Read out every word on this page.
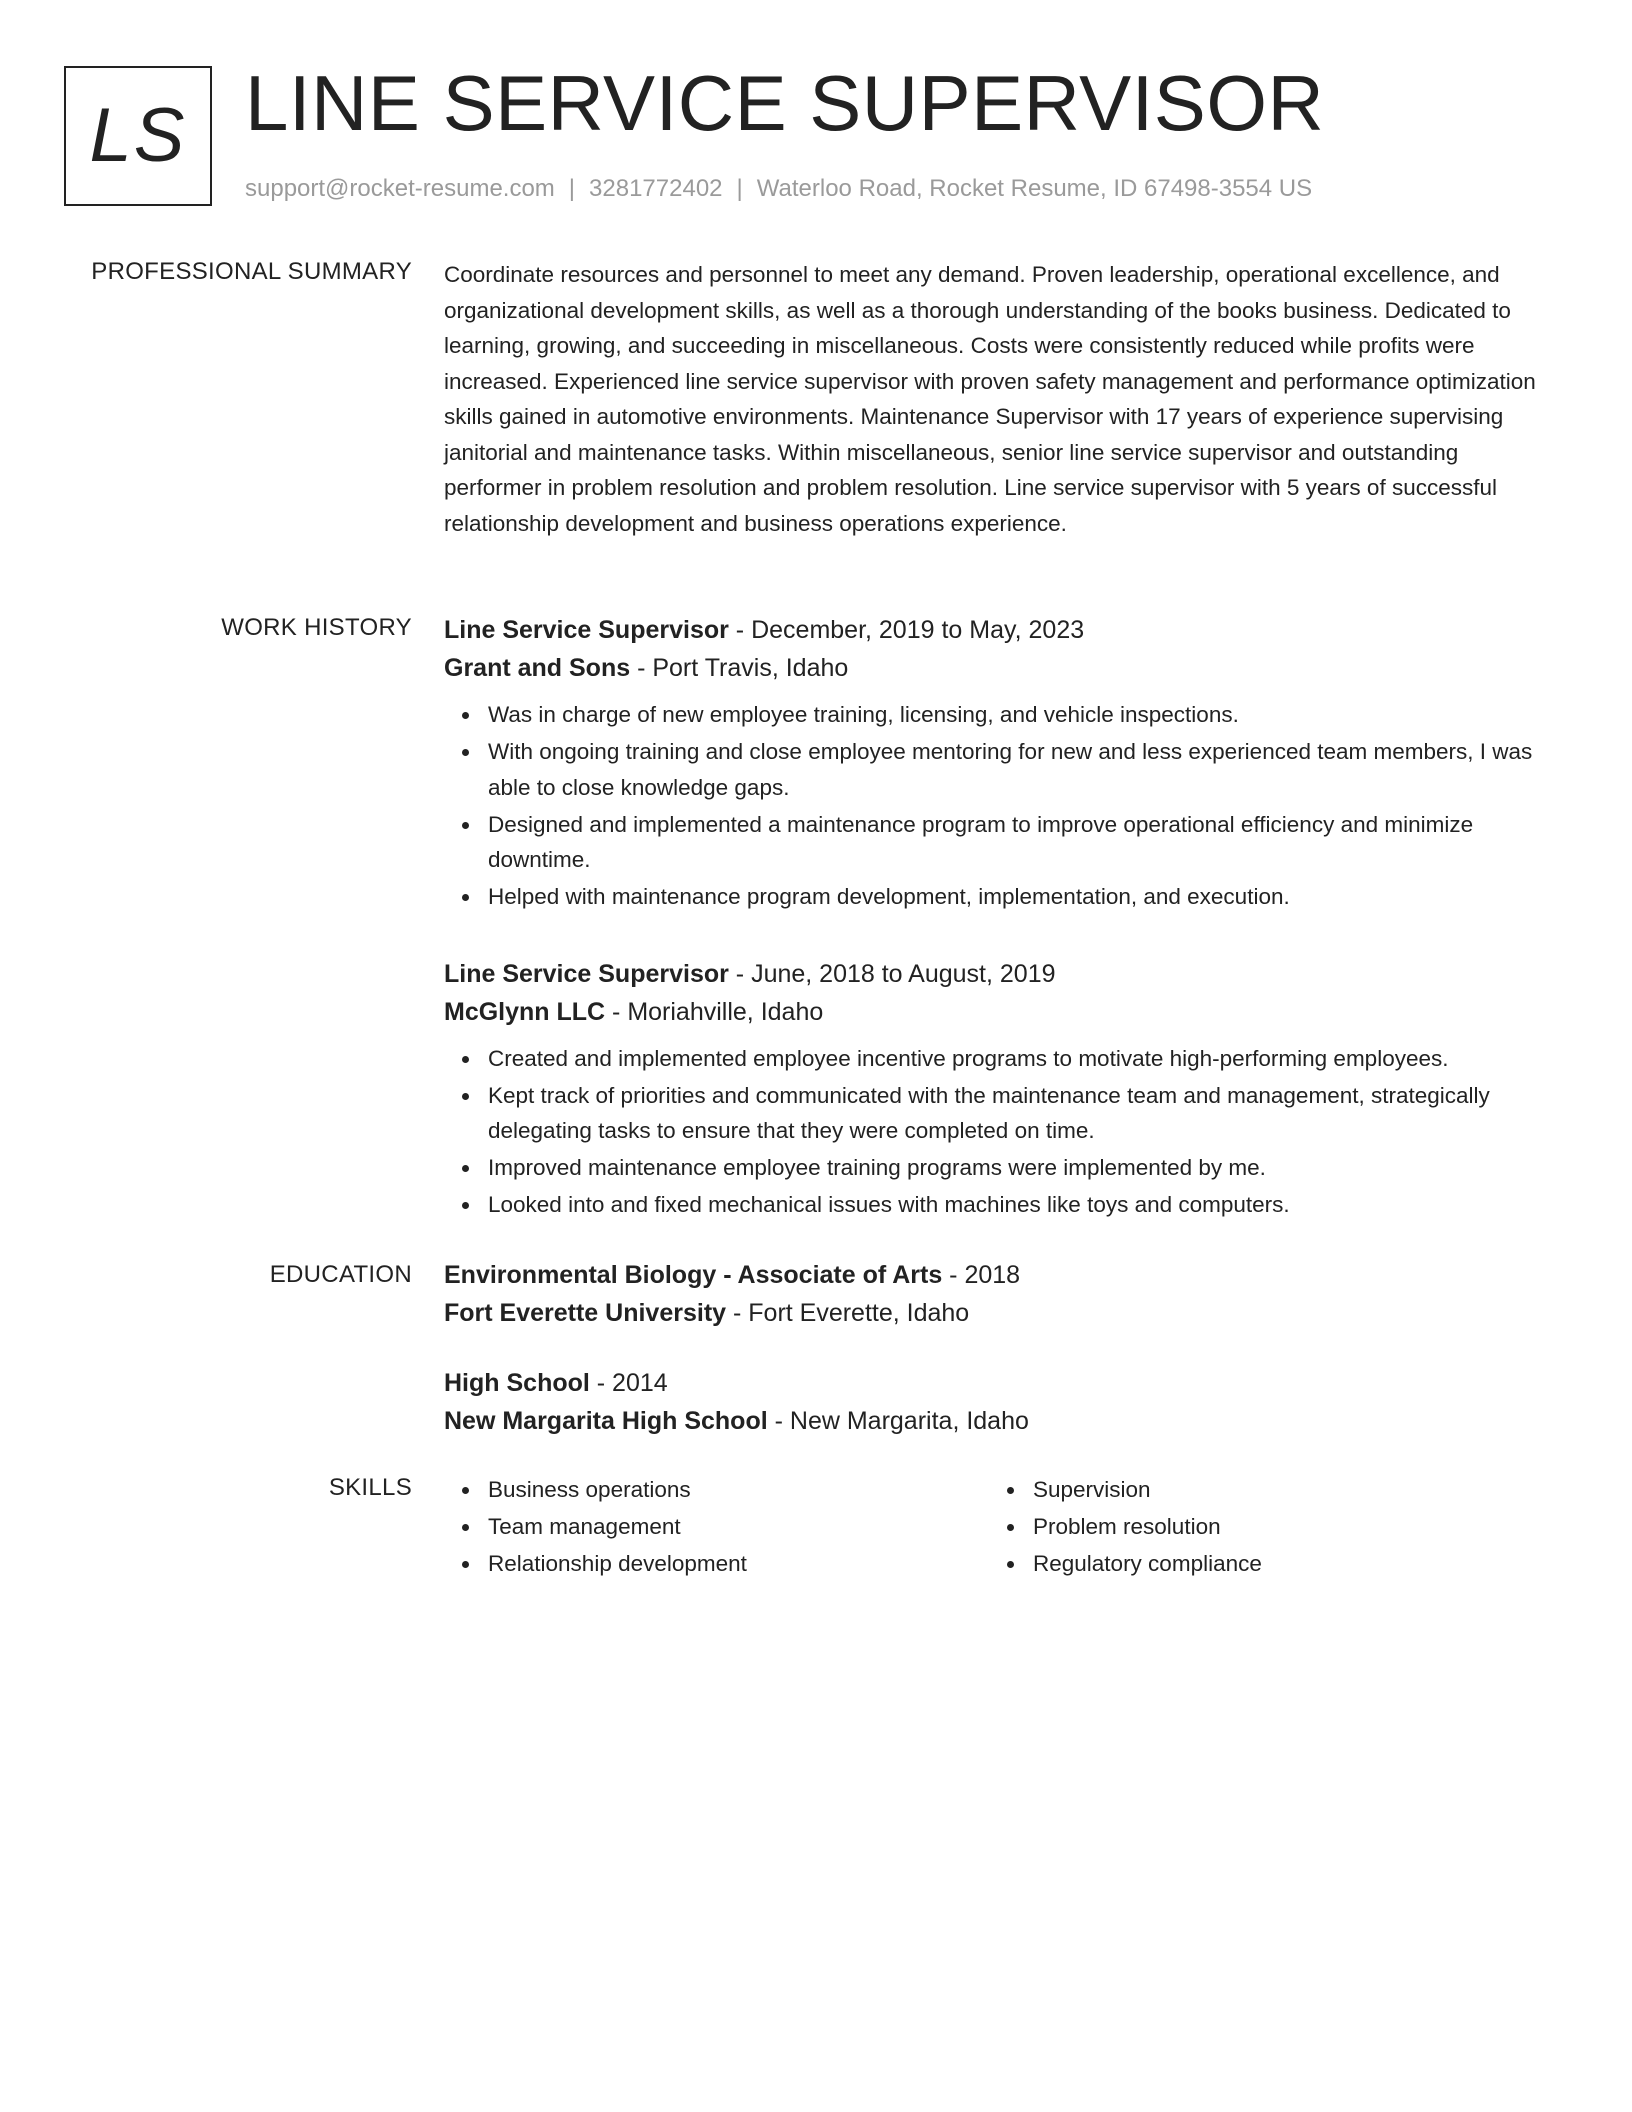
LS LINE SERVICE SUPERVISOR
support@rocket-resume.com | 3281772402 | Waterloo Road, Rocket Resume, ID 67498-3554 US
PROFESSIONAL SUMMARY Coordinate resources and personnel to meet any demand. Proven leadership, operational excellence, and organizational development skills, as well as a thorough understanding of the books business. Dedicated to learning, growing, and succeeding in miscellaneous. Costs were consistently reduced while profits were increased. Experienced line service supervisor with proven safety management and performance optimization skills gained in automotive environments. Maintenance Supervisor with 17 years of experience supervising janitorial and maintenance tasks. Within miscellaneous, senior line service supervisor and outstanding performer in problem resolution and problem resolution. Line service supervisor with 5 years of successful relationship development and business operations experience.

WORK HISTORY Line Service Supervisor - December, 2019 to May, 2023
Grant and Sons - Port Travis, Idaho
Was in charge of new employee training, licensing, and vehicle inspections.
With ongoing training and close employee mentoring for new and less experienced team members, I was able to close knowledge gaps.
Designed and implemented a maintenance program to improve operational efficiency and minimize downtime.
Helped with maintenance program development, implementation, and execution.
Line Service Supervisor - June, 2018 to August, 2019
McGlynn LLC - Moriahville, Idaho
Created and implemented employee incentive programs to motivate high-performing employees.
Kept track of priorities and communicated with the maintenance team and management, strategically delegating tasks to ensure that they were completed on time.
Improved maintenance employee training programs were implemented by me.
Looked into and fixed mechanical issues with machines like toys and computers.
EDUCATION Environmental Biology - Associate of Arts - 2018
Fort Everette University - Fort Everette, Idaho
High School - 2014
New Margarita High School - New Margarita, Idaho
SKILLS	Business operations
Team management
Relationship development
Supervision
Problem resolution
Regulatory compliance
